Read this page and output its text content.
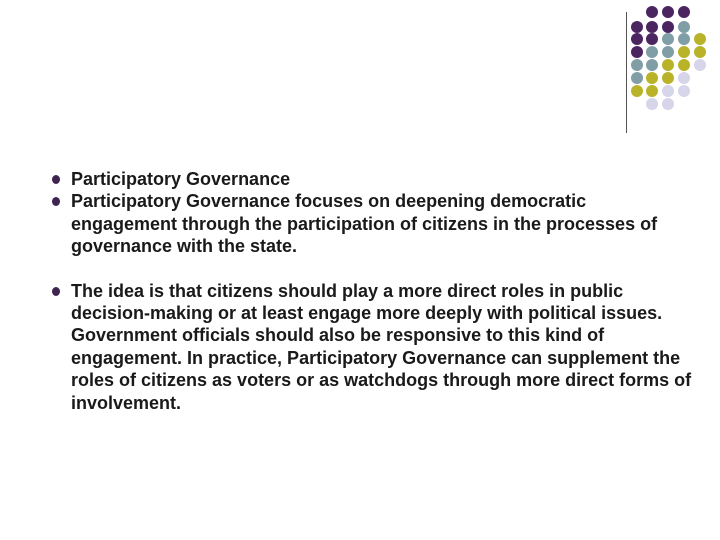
Participatory Governance
Participatory Governance focuses on deepening democratic engagement through the participation of citizens in the processes of governance with the state.
The idea is that citizens should play a more direct roles in public decision-making or at least engage more deeply with political issues. Government officials should also be responsive to this kind of engagement. In practice, Participatory Governance can supplement the roles of citizens as voters or as watchdogs through more direct forms of involvement.
